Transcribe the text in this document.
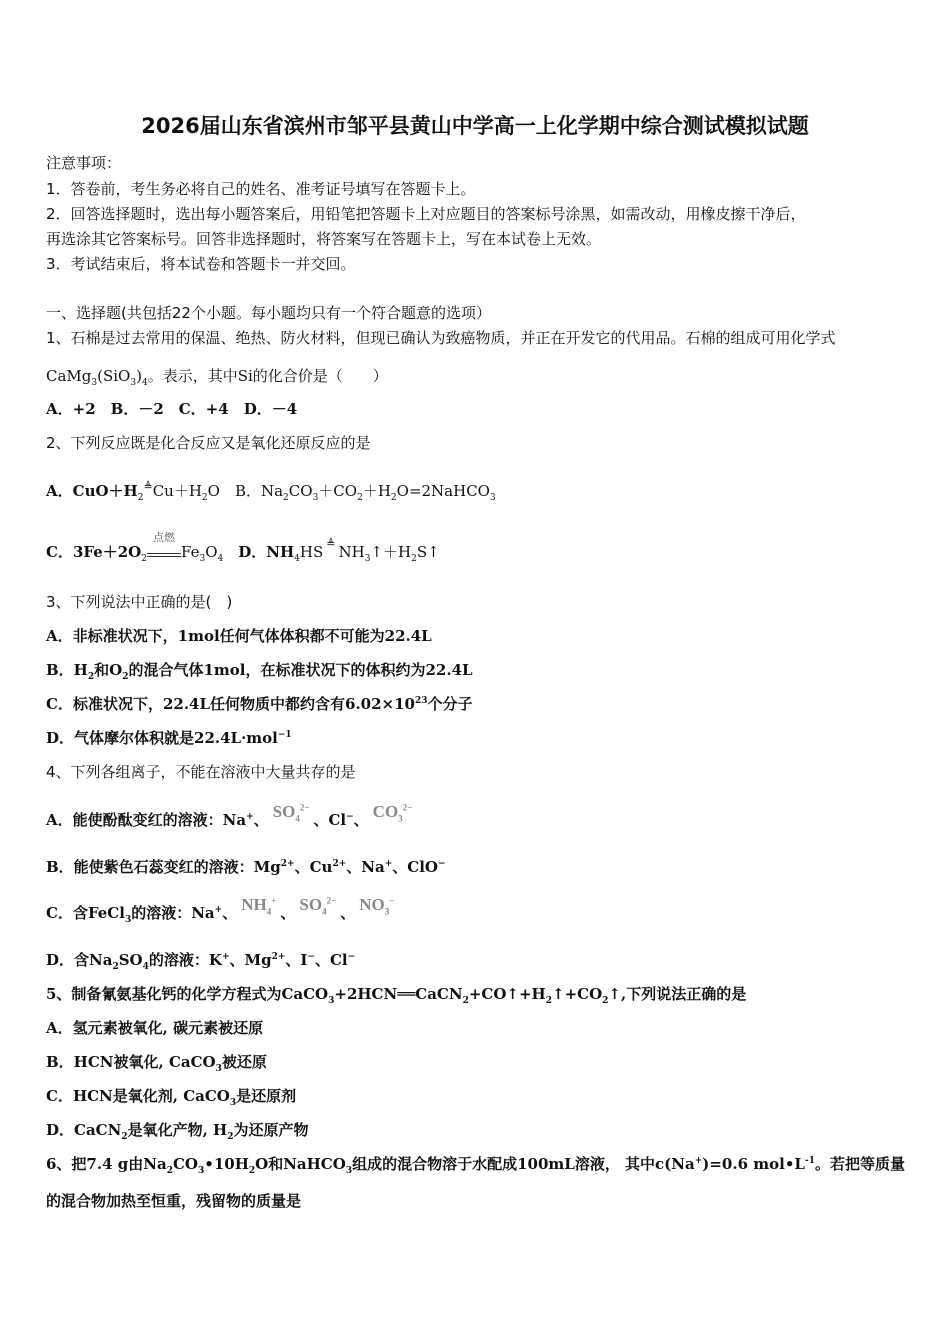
2026届山东省滨州市邹平县黄山中学高一上化学期中综合测试模拟试题
注意事项：
1．答卷前，考生务必将自己的姓名、准考证号填写在答题卡上。
2．回答选择题时，选出每小题答案后，用铅笔把答题卡上对应题目的答案标号涂黑，如需改动，用橡皮擦干净后，
再选涂其它答案标号。回答非选择题时，将答案写在答题卡上，写在本试卷上无效。
3．考试结束后，将本试卷和答题卡一并交回。
一、选择题(共包括22个小题。每小题均只有一个符合题意的选项）
1、石棉是过去常用的保温、绝热、防火材料，但现已确认为致癌物质，并正在开发它的代用品。石棉的组成可用化学式
$CaMg_3(SiO_3)_4$。表示，其中Si的化合价是（　　）
A．+2　B．－2　C．+4　D．－4
2、下列反应既是化合反应又是氧化还原反应的是
A．$CuO+H_2^≜Cu+H_2O$　B．$Na_2CO_3+CO_2+H_2O=2NaHCO_3$
C．$3Fe+2O_2$
点燃
$Fe_3O_4$　D．$NH_4HS$ ≜ $NH_3↑+H_2S↑$
3、下列说法中正确的是(　)
A．非标准状况下，1mol任何气体体积都不可能为22.4L
B．$H_2$和$O_2$的混合气体1mol，在标准状况下的体积约为22.4L
C．标准状况下，22.4L任何物质中都约含有$6.02\times 10^{23}$个分子
D．气体摩尔体积就是22.4L·mol$^{-1}$
4、下列各组离子，不能在溶液中大量共存的是
A．能使酚酞变红的溶液：Na+、 $SO_4^{2-}$、Cl−、 $CO_3^{2-}$
B．能使紫色石蕊变红的溶液：$Mg^{2+}$、$Cu^{2+}$、Na+、ClO−
C．含FeCl$_3$的溶液：Na+、 $NH_4^+$、 $SO_4^{2-}$、 $NO_3^-$
D．含$Na_2SO_4$的溶液：K+、$Mg^{2+}$、I−、Cl−
5、制备氰氨基化钙的化学方程式为$CaCO_3+2HCN══CaCN_2+CO↑+H_2↑+CO_2↑$,下列说法正确的是
A．氢元素被氧化, 碳元素被还原
B．HCN被氧化, CaCO$_3$被还原
C．HCN是氧化剂, CaCO$_3$是还原剂
D．CaCN$_2$是氧化产物, $H_2$为还原产物
6、把7.4 g由$Na_2CO_3•10H_2O$和NaHCO$_3$组成的混合物溶于水配成100mL溶液， 其中c(Na+)=0.6 $mol•L^{-1}$。若把等质量
的混合物加热至恒重，残留物的质量是
